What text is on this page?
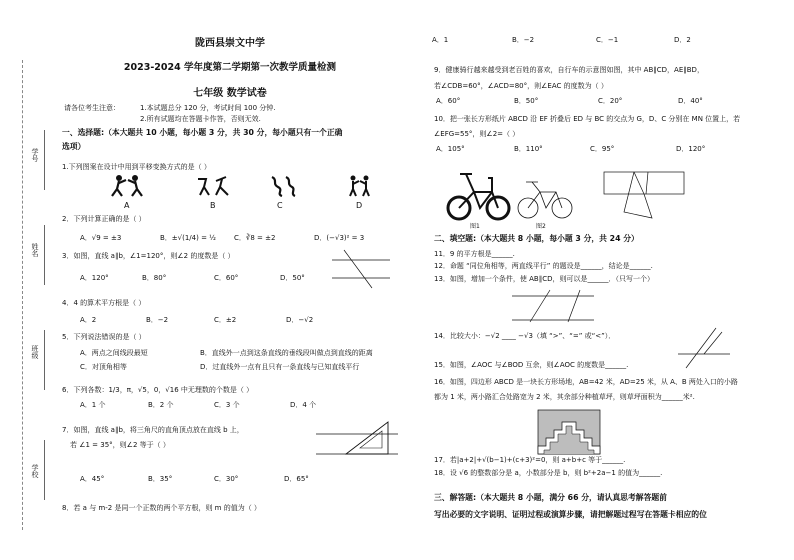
学号
姓名
班级
学校
陇西县崇文中学
2023-2024 学年度第二学期第一次教学质量检测
七年级 数学试卷
请各位考生注意：	1.本试题总分 120 分，考试时间 100 分钟.
2.所有试题均在答题卡作答，否则无效.
一、选择题:（本大题共 10 小题，每小题 3 分，共 30 分，每小题只有一个正确
选项）
1.下列图案在设计中用到平移变换方式的是（ ）
A	B	C	D
2．下列计算正确的是（ ）
A．√9 = ±3	B．±√(1/4) = ½	C．∛8 = ±2	D．(−√3)² = 3
3．如图，直线 a∥b，∠1=120°，则∠2 的度数是（ ）
A．120°	B．80°	C．60°	D．50°
4．4 的算术平方根是（ ）
A．2	B．−2	C．±2	D．−√2
5．下列说法错误的是（ ）
A．两点之间线段最短	B．直线外一点到这条直线的垂线段叫做点到直线的距离
C．对顶角相等	D．过直线外一点有且只有一条直线与已知直线平行
6．下列各数：1/3，π，√5，0，√16 中无理数的个数是（ ）
A．1 个	B．2 个	C．3 个	D．4 个
7．如图，直线 a∥b，将三角尺的直角顶点放在直线 b 上，
若 ∠1 = 35°，则∠2 等于（ ）
A．45°	B．35°	C．30°	D．65°
8．若 a 与 m-2 是同一个正数的两个平方根，则 m 的值为（ ）
A．1	B．−2	C．−1	D．2
9．健康骑行越来越受到老百姓的喜欢，自行车的示意图如图，其中 AB∥CD，AE∥BD，
若∠CDB=60°，∠ACD=80°，则∠EAC 的度数为（ ）
A．60°	B．50°	C．20°	D．40°
10．把一张长方形纸片 ABCD 沿 EF 折叠后 ED 与 BC 的交点为 G，D、C 分别在 MN 位置上，若
∠EFG=55°，则∠2=（ ）
A．105°	B．110°	C．95°	D．120°
图1	图2
二、填空题:（本大题共 8 小题，每小题 3 分，共 24 分）
11．9 的平方根是______.
12．命题 “同位角相等，两直线平行” 的题设是______，结论是______.
13．如图，增加一个条件，使 AB∥CD，则可以是______．（只写一个）
14．比较大小：−√2 ____ −√3（填 “>”、“=” 或“<”）．
15．如图，∠AOC 与∠BOD 互余，则∠AOC 的度数是______.
16．如图，四边形 ABCD 是一块长方形场地，AB=42 米，AD=25 米，从 A、B 两处入口的小路
都为 1 米，两小路汇合处路宽为 2 米，其余部分种植草坪，则草坪面积为______米².
17．若|a+2|+√(b−1)+(c+3)²=0，则 a+b+c 等于______.
18．设 √6 的整数部分是 a，小数部分是 b，则 b²+2a−1 的值为______.
三、解答题:（本大题共 8 小题，满分 66 分，请认真思考解答题前
写出必要的文字说明、证明过程或演算步骤，请把解题过程写在答题卡相应的位
